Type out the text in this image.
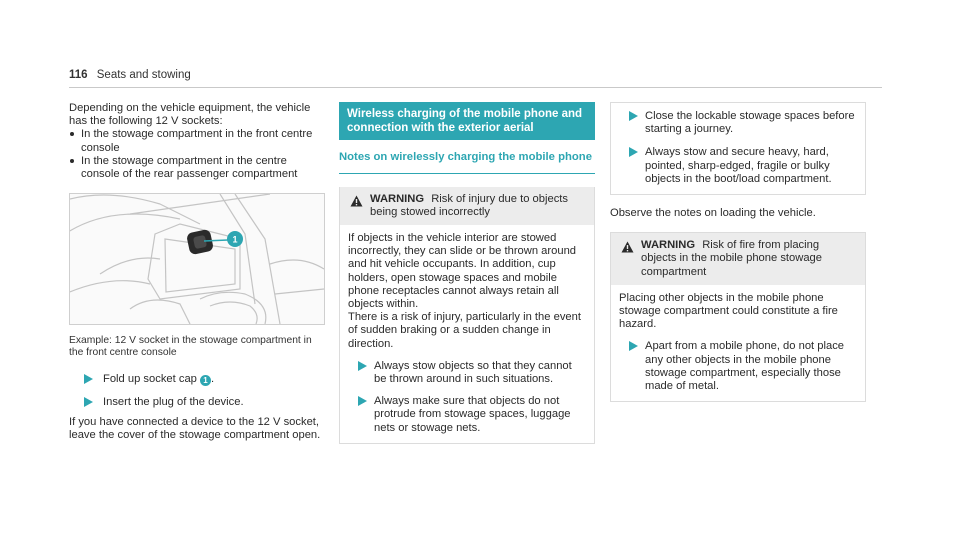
116 Seats and stowing

Depending on the vehicle equipment, the vehicle has the following 12 V sockets:

In the stowage compartment in the front centre console
In the stowage compartment in the centre console of the rear passenger compartment
1

Example: 12 V socket in the stowage compartment in the front centre console

Fold up socket cap 1 .
Insert the plug of the device.

If you have connected a device to the 12 V socket, leave the cover of the stowage compartment open.

Wireless charging of the mobile phone and connection with the exterior aerial
Notes on wirelessly charging the mobile phone
WARNING Risk of injury due to objects being stowed incorrectly

If objects in the vehicle interior are stowed incorrectly, they can slide or be thrown around and hit vehicle occupants. In addition, cup holders, open stowage spaces and mobile phone receptacles cannot always retain all objects within.

There is a risk of injury, particularly in the event of sudden braking or a sudden change in direction.

Always stow objects so that they cannot be thrown around in such situations.
Always make sure that objects do not protrude from stowage spaces, luggage nets or stowage nets.
Close the lockable stowage spaces before starting a journey.
Always stow and secure heavy, hard, pointed, sharp-edged, fragile or bulky objects in the boot/load compartment.

Observe the notes on loading the vehicle.

WARNING Risk of fire from placing objects in the mobile phone stowage compartment

Placing other objects in the mobile phone stowage compartment could constitute a fire hazard.

Apart from a mobile phone, do not place any other objects in the mobile phone stowage compartment, especially those made of metal.
